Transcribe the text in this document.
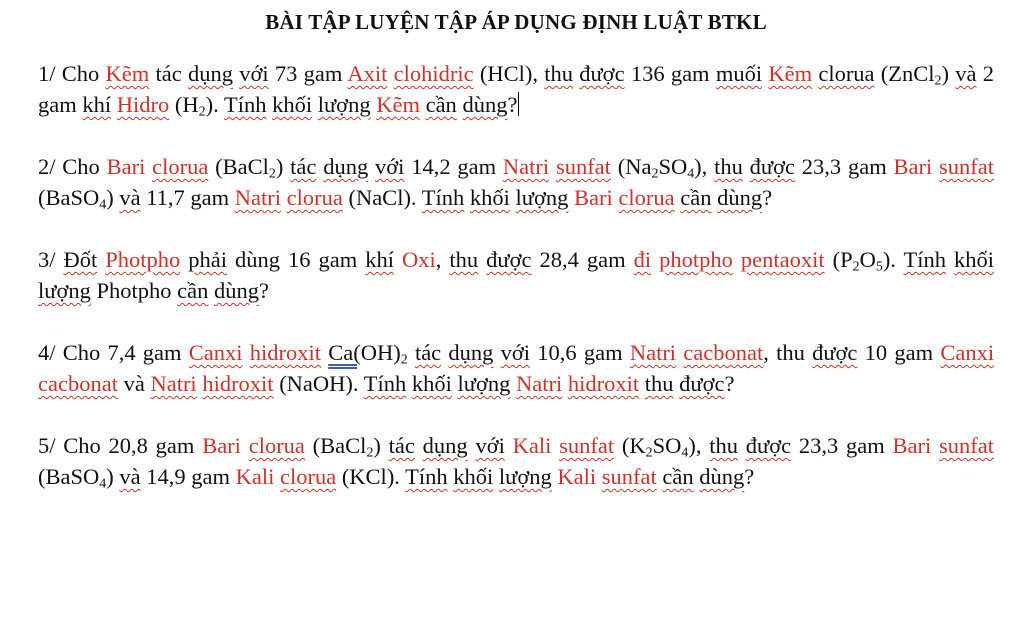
BÀI TẬP LUYỆN TẬP ÁP DỤNG ĐỊNH LUẬT BTKL
1/ Cho Kẽm tác dụng với 73 gam Axit clohidric (HCl), thu được 136 gam muối Kẽm clorua (ZnCl$_2$) và 2 gam khí Hidro $(H_2)$. Tính khối lượng Kẽm cần dùng?
2/ Cho Bari clorua (BaCl$_2$) tác dụng với 14,2 gam Natri sunfat $(Na_2SO_4)$, thu được 23,3 gam Bari sunfat (BaSO$_4$) và 11,7 gam Natri clorua (NaCl). Tính khối lượng Bari clorua cần dùng?
3/ Đốt Photpho phải dùng 16 gam khí Oxi, thu được 28,4 gam đi photpho pentaoxit $(P_2O_5)$. Tính khối lượng Photpho cần dùng?
4/ Cho 7,4 gam Canxi hidroxit $Ca(OH)_2$ tác dụng với 10,6 gam Natri cacbonat, thu được 10 gam Canxi cacbonat và Natri hidroxit (NaOH). Tính khối lượng Natri hidroxit thu được?
5/ Cho 20,8 gam Bari clorua (BaCl$_2$) tác dụng với Kali sunfat $(K_2SO_4)$, thu được 23,3 gam Bari sunfat (BaSO$_4$) và 14,9 gam Kali clorua (KCl). Tính khối lượng Kali sunfat cần dùng?
